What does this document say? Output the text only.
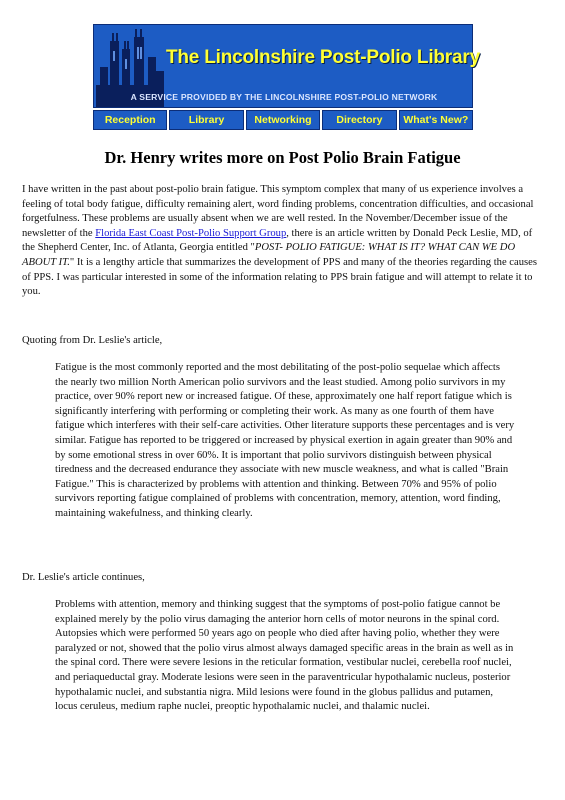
The Lincolnshire Post-Polio Library
A SERVICE PROVIDED BY THE LINCOLNSHIRE POST-POLIO NETWORK
Reception	Library	Networking	Directory	What's New?
Dr. Henry writes more on Post Polio Brain Fatigue

I have written in the past about post-polio brain fatigue. This symptom complex that many of us experience involves a feeling of total body fatigue, difficulty remaining alert, word finding problems, concentration difficulties, and occasional forgetfulness. These problems are usually absent when we are well rested. In the November/December issue of the newsletter of the Florida East Coast Post-Polio Support Group, there is an article written by Donald Peck Leslie, MD, of the Shepherd Center, Inc. of Atlanta, Georgia entitled "POST- POLIO FATIGUE: WHAT IS IT? WHAT CAN WE DO ABOUT IT." It is a lengthy article that summarizes the development of PPS and many of the theories regarding the causes of PPS. I was particular interested in some of the information relating to PPS brain fatigue and will attempt to relate it to you.

Quoting from Dr. Leslie's article,

Fatigue is the most commonly reported and the most debilitating of the post-polio sequelae which affects the nearly two million North American polio survivors and the least studied. Among polio survivors in my practice, over 90% report new or increased fatigue. Of these, approximately one half report fatigue which is significantly interfering with performing or completing their work. As many as one fourth of them have fatigue which interferes with their self-care activities. Other literature supports these percentages and is very similar. Fatigue has reported to be triggered or increased by physical exertion in again greater than 90% and by some emotional stress in over 60%. It is important that polio survivors distinguish between physical tiredness and the decreased endurance they associate with new muscle weakness, and what is called "Brain Fatigue." This is characterized by problems with attention and thinking. Between 70% and 95% of polio survivors reporting fatigue complained of problems with concentration, memory, attention, word finding, maintaining wakefulness, and thinking clearly.

Dr. Leslie's article continues,

Problems with attention, memory and thinking suggest that the symptoms of post-polio fatigue cannot be explained merely by the polio virus damaging the anterior horn cells of motor neurons in the spinal cord. Autopsies which were performed 50 years ago on people who died after having polio, whether they were paralyzed or not, showed that the polio virus almost always damaged specific areas in the brain as well as in the spinal cord. There were severe lesions in the reticular formation, vestibular nuclei, cerebella roof nuclei, and periaqueductal gray. Moderate lesions were seen in the paraventricular hypothalamic nucleus, posterior hypothalamic nuclei, and substantia nigra. Mild lesions were found in the globus pallidus and putamen, locus ceruleus, medium raphe nuclei, preoptic hypothalamic nuclei, and thalamic nuclei.
